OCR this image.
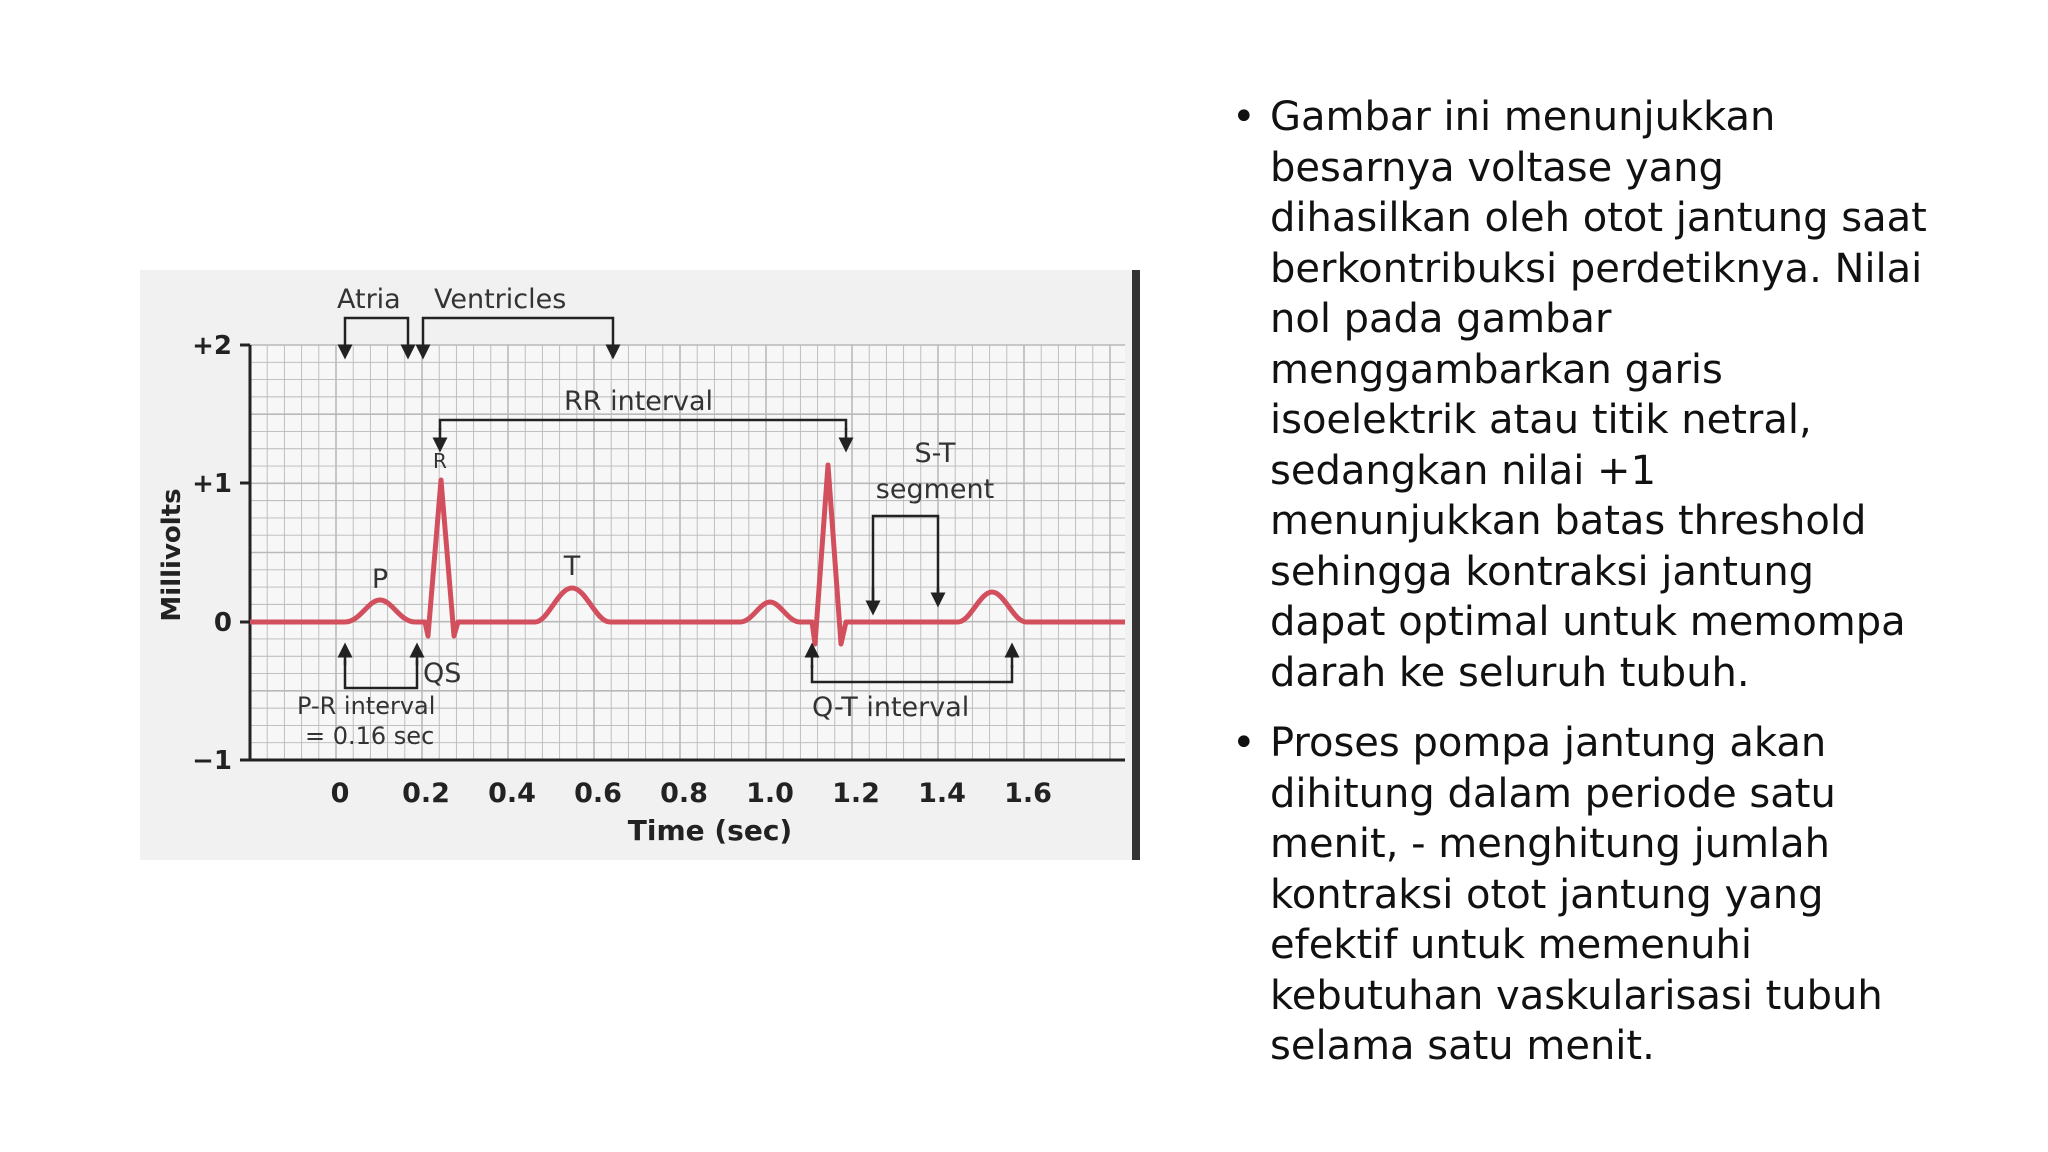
+2
+1
0
−1
Millivolts
0 0.2 0.4 0.6 0.8 1.0 1.2 1.4 1.6
Time (sec)
Atria Ventricles
RR interval
S-T
segment
P
R
T
QS
P-R interval
= 0.16 sec
Q-T interval
• Gambar ini menunjukkan besarnya voltase yang dihasilkan oleh otot jantung saat berkontribuksi perdetiknya. Nilai nol pada gambar menggambarkan garis isoelektrik atau titik netral, sedangkan nilai +1 menunjukkan batas threshold sehingga kontraksi jantung dapat optimal untuk memompa darah ke seluruh tubuh.
• Proses pompa jantung akan dihitung dalam periode satu menit, - menghitung jumlah kontraksi otot jantung yang efektif untuk memenuhi kebutuhan vaskularisasi tubuh selama satu menit.
